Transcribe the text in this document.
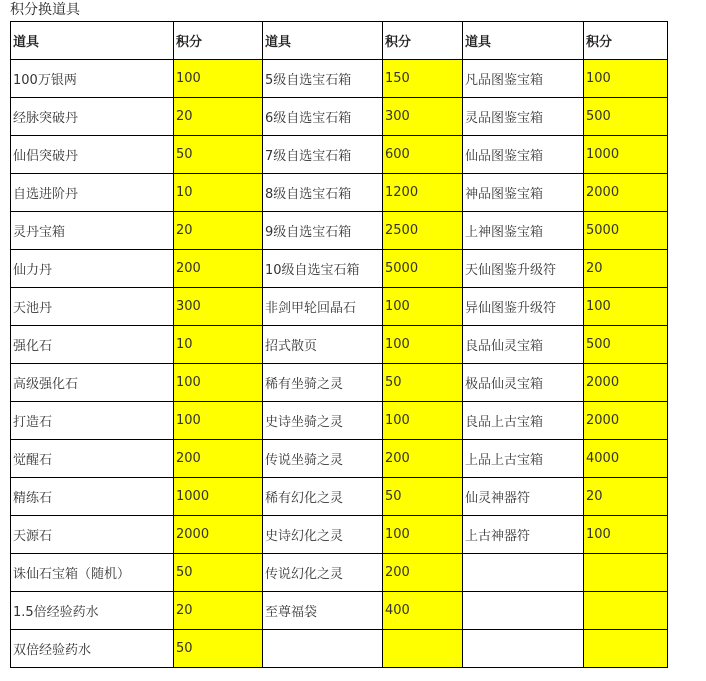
积分换道具
道具	积分	道具	积分	道具	积分
100万银两	100	5级自选宝石箱	150	凡品图鉴宝箱	100
经脉突破丹	20	6级自选宝石箱	300	灵品图鉴宝箱	500
仙侣突破丹	50	7级自选宝石箱	600	仙品图鉴宝箱	1000
自选进阶丹	10	8级自选宝石箱	1200	神品图鉴宝箱	2000
灵丹宝箱	20	9级自选宝石箱	2500	上神图鉴宝箱	5000
仙力丹	200	10级自选宝石箱	5000	天仙图鉴升级符	20
天池丹	300	非剑甲轮回晶石	100	异仙图鉴升级符	100
强化石	10	招式散页	100	良品仙灵宝箱	500
高级强化石	100	稀有坐骑之灵	50	极品仙灵宝箱	2000
打造石	100	史诗坐骑之灵	100	良品上古宝箱	2000
觉醒石	200	传说坐骑之灵	200	上品上古宝箱	4000
精练石	1000	稀有幻化之灵	50	仙灵神器符	20
天源石	2000	史诗幻化之灵	100	上古神器符	100
诛仙石宝箱（随机）	50	传说幻化之灵	200		
1.5倍经验药水	20	至尊福袋	400		
双倍经验药水	50				
